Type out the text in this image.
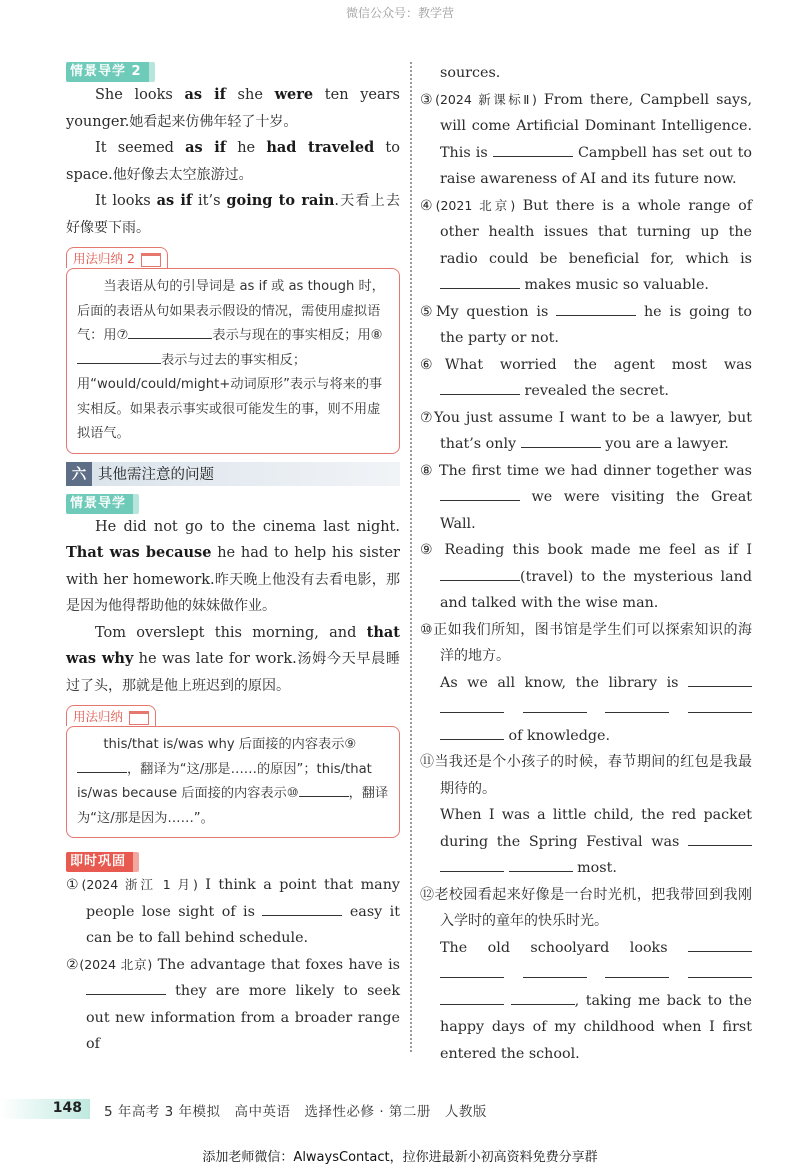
微信公众号：教学营
情景导学 2

She looks as if she were ten years younger.她看起来仿佛年轻了十岁。

It seemed as if he had traveled to space.他好像去太空旅游过。

It looks as if it’s going to rain.天看上去好像要下雨。

用法归纳 2
当表语从句的引导词是 as if 或 as though 时，后面的表语从句如果表示假设的情况，需使用虚拟语气：用⑦	表示与现在的事实相反；用⑧表示与过去的事实相反；用“would/could/might+动词原形”表示与将来的事实相反。如果表示事实或很可能发生的事，则不用虚拟语气。
六 其他需注意的问题
情景导学

He did not go to the cinema last night. That was because he had to help his sister with her homework.昨天晚上他没有去看电影，那是因为他得帮助他的妹妹做作业。

Tom overslept this morning, and that was why he was late for work.汤姆今天早晨睡过了头，那就是他上班迟到的原因。

用法归纳
this/that is/was why 后面接的内容表示⑨，翻译为“这/那是……的原因”；this/that is/was because 后面接的内容表示⑩	，翻译为“这/那是因为……”。
即时巩固

①(2024 浙江 1 月) I think a point that many people lose sight of is	easy it can be to fall behind schedule.

②(2024 北京) The advantage that foxes have is  they are more likely to seek out new information from a broader range of

sources.

③(2024 新课标Ⅱ) From there, Campbell says, will come Artificial Dominant Intelligence. This is	Campbell has set out to raise awareness of AI and its future now.

④(2021 北京) But there is a whole range of other health issues that turning up the radio could be beneficial for, which is  makes music so valuable.

⑤My question is	he is going to the party or not.

⑥What worried the agent most was  revealed the secret.

⑦You just assume I want to be a lawyer, but that’s only	you are a lawyer.

⑧ The first time we had dinner together was  we were visiting the Great Wall.

⑨ Reading this book made me feel as if I (travel) to the mysterious land and talked with the wise man.

⑩正如我们所知，图书馆是学生们可以探索知识的海洋的地方。

As we all know, the library is       of knowledge.

⑪当我还是个小孩子的时候，春节期间的红包是我最期待的。

When I was a little child, the red packet during the Spring Festival was    most.

⑫老校园看起来好像是一台时光机，把我带回到我刚入学时的童年的快乐时光。

The old schoolyard looks       , taking me back to the happy days of my childhood when I first entered the school.

148 5 年高考 3 年模拟　高中英语　选择性必修 · 第二册　人教版
添加老师微信：AlwaysContact，拉你进最新小初高资料免费分享群
